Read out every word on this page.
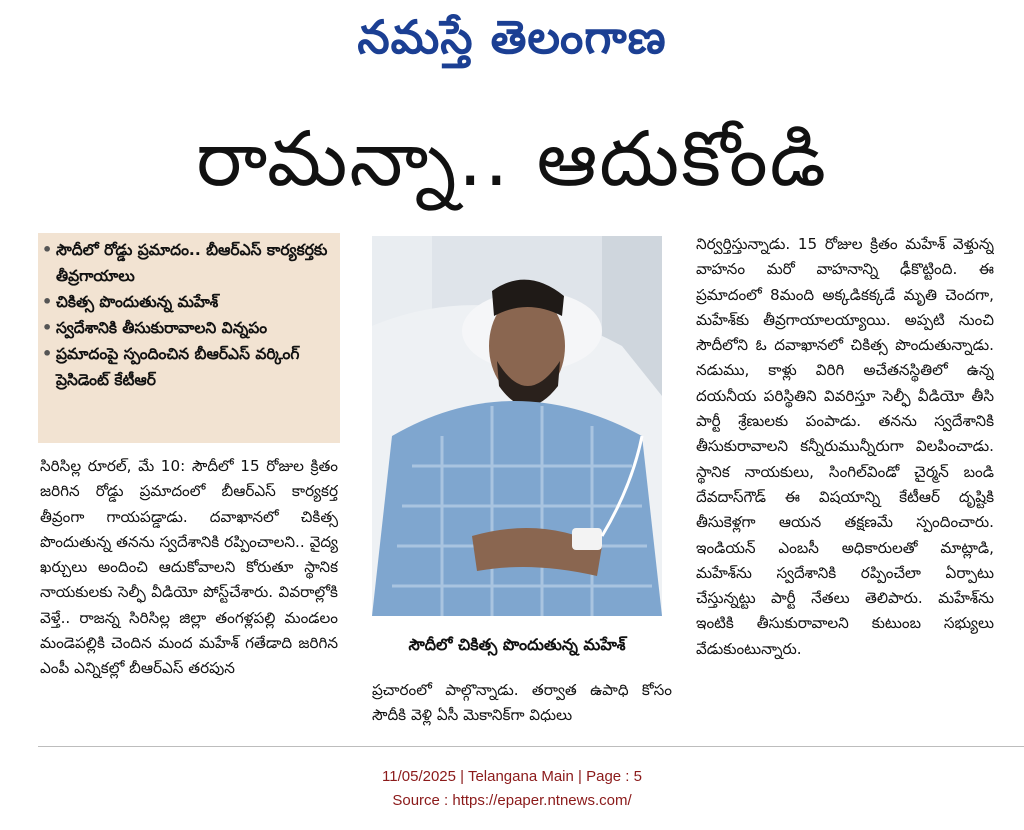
నమస్తే తెలంగాణ
రామన్నా.. ఆదుకోండి
• సౌదీలో రోడ్డు ప్రమాదం.. బీఆర్ఎస్ కార్యకర్తకు తీవ్రగాయాలు
• చికిత్స పొందుతున్న మహేశ్
• స్వదేశానికి తీసుకురావాలని విన్నపం
• ప్రమాదంపై స్పందించిన బీఆర్ఎస్ వర్కింగ్ ప్రెసిడెంట్ కేటీఆర్
సిరిసిల్ల రూరల్, మే 10: సౌదీలో 15 రోజుల క్రితం జరిగిన రోడ్డు ప్రమాదంలో బీఆర్ఎస్ కార్యకర్త తీవ్రంగా గాయపడ్డాడు. దవాఖానలో చికిత్స పొందుతున్న తనను స్వదేశానికి రప్పించాలని.. వైద్య ఖర్చులు అందించి ఆదుకోవాలని కోరుతూ స్థానిక నాయకులకు సెల్ఫీ వీడియో పోస్ట్‌చేశారు. వివరాల్లోకి వెళ్తే.. రాజన్న సిరిసిల్ల జిల్లా తంగళ్లపల్లి మండలం మండెపల్లికి చెందిన మంద మహేశ్ గతేడాది జరిగిన ఎంపీ ఎన్నికల్లో బీఆర్ఎస్ తరపున
సౌదీలో చికిత్స పొందుతున్న మహేశ్
ప్రచారంలో పాల్గొన్నాడు. తర్వాత ఉపాధి కోసం సౌదీకి వెళ్లి ఏసీ మెకానిక్‌గా విధులు
నిర్వర్తిస్తున్నాడు. 15 రోజుల క్రితం మహేశ్ వెళ్తున్న వాహనం మరో వాహనాన్ని ఢీకొట్టింది. ఈ ప్రమాదంలో 8మంది అక్కడికక్కడే మృతి చెందగా, మహేశ్‌కు తీవ్రగాయాలయ్యాయి. అప్పటి నుంచి సౌదీలోని ఓ దవాఖానలో చికిత్స పొందుతున్నాడు. నడుము, కాళ్లు విరిగి అచేతనస్థితిలో ఉన్న దయనీయ పరిస్థితిని వివరిస్తూ సెల్ఫీ వీడియో తీసి పార్టీ శ్రేణులకు పంపాడు. తనను స్వదేశానికి తీసుకురావాలని కన్నీరుమున్నీరుగా విలపించాడు. స్థానిక నాయకులు, సింగిల్‌విండో చైర్మన్ బండి దేవదాస్‌గౌడ్ ఈ విషయాన్ని కేటీఆర్ దృష్టికి తీసుకెళ్లగా ఆయన తక్షణమే స్పందించారు. ఇండియన్ ఎంబసీ అధికారులతో మాట్లాడి, మహేశ్‌ను స్వదేశానికి రప్పించేలా ఏర్పాటు చేస్తున్నట్టు పార్టీ నేతలు తెలిపారు. మహేశ్‌ను ఇంటికి తీసుకురావాలని కుటుంబ సభ్యులు వేడుకుంటున్నారు.
11/05/2025 | Telangana Main | Page : 5
Source : https://epaper.ntnews.com/
